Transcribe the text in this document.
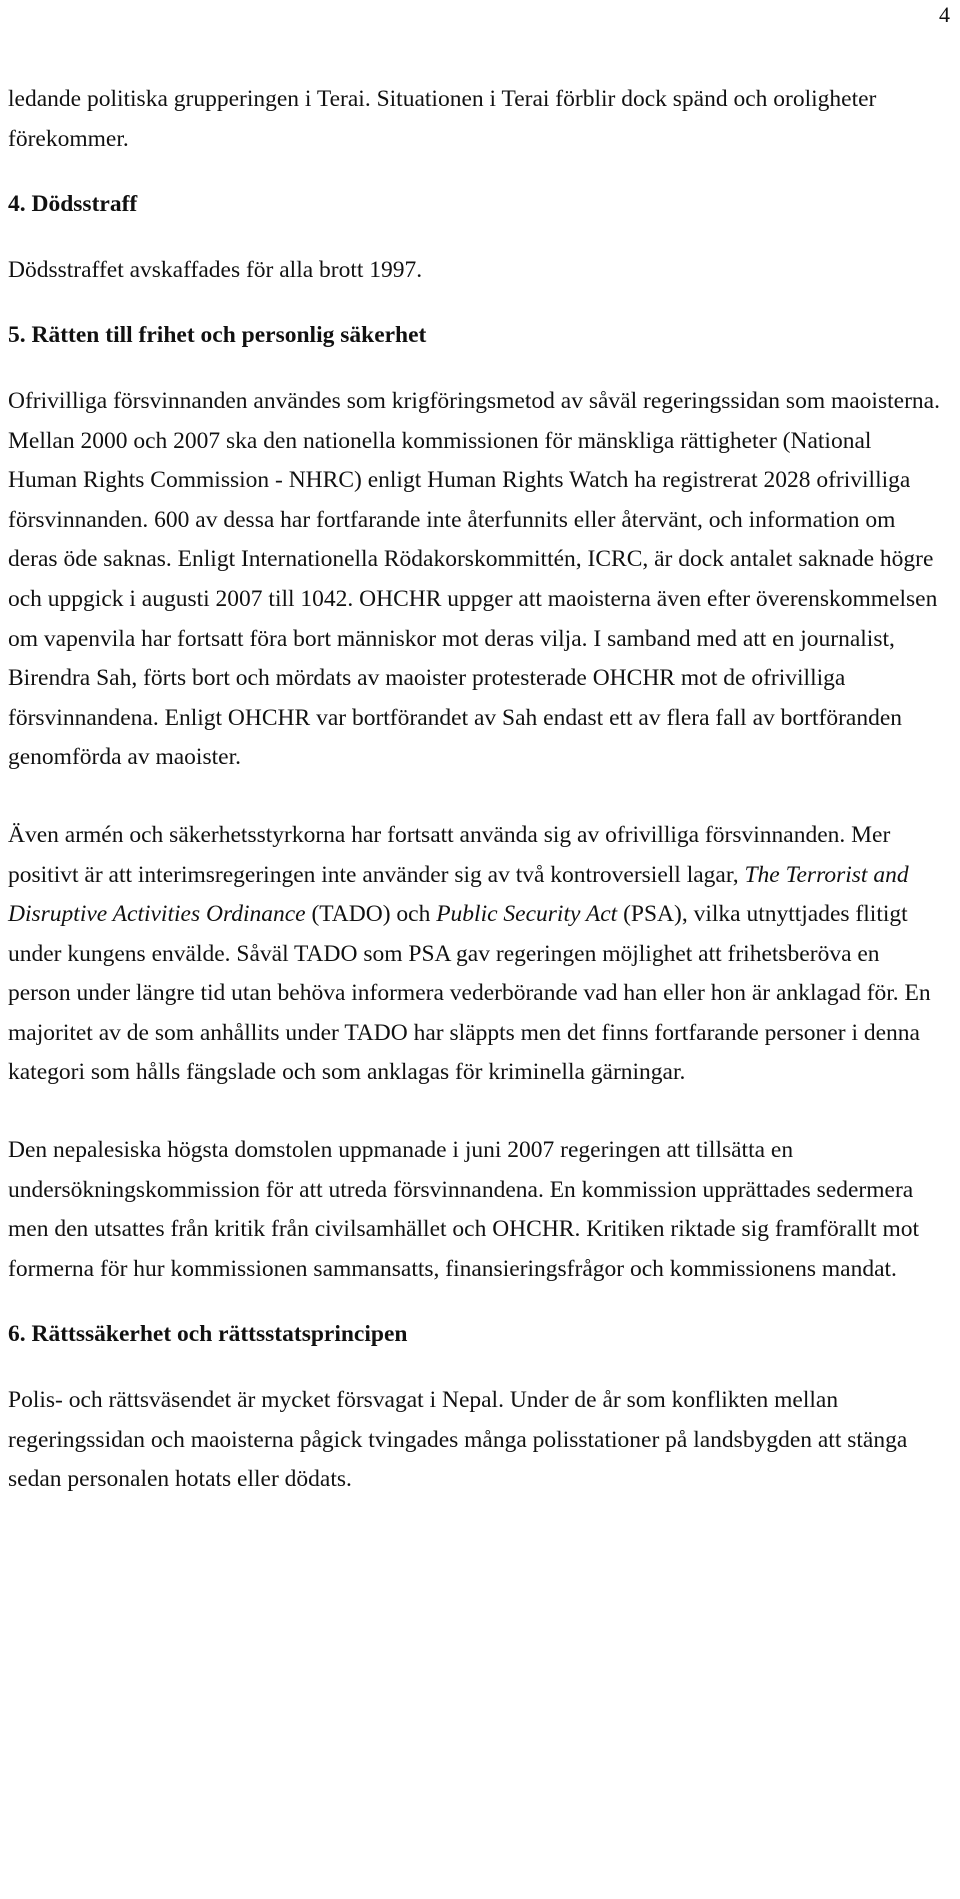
4

ledande politiska grupperingen i Terai. Situationen i Terai förblir dock spänd och oroligheter förekommer.

4. Dödsstraff

Dödsstraffet avskaffades för alla brott 1997.

5. Rätten till frihet och personlig säkerhet

Ofrivilliga försvinnanden användes som krigföringsmetod av såväl regeringssidan som maoisterna. Mellan 2000 och 2007 ska den nationella kommissionen för mänskliga rättigheter (National Human Rights Commission - NHRC) enligt Human Rights Watch ha registrerat 2028 ofrivilliga försvinnanden. 600 av dessa har fortfarande inte återfunnits eller återvänt, och information om deras öde saknas. Enligt Internationella Rödakorskommittén, ICRC, är dock antalet saknade högre och uppgick i augusti 2007 till 1042. OHCHR uppger att maoisterna även efter överenskommelsen om vapenvila har fortsatt föra bort människor mot deras vilja. I samband med att en journalist, Birendra Sah, förts bort och mördats av maoister protesterade OHCHR mot de ofrivilliga försvinnandena. Enligt OHCHR var bortförandet av Sah endast ett av flera fall av bortföranden genomförda av maoister.

Även armén och säkerhetsstyrkorna har fortsatt använda sig av ofrivilliga försvinnanden. Mer positivt är att interimsregeringen inte använder sig av två kontroversiell lagar, The Terrorist and Disruptive Activities Ordinance (TADO) och Public Security Act (PSA), vilka utnyttjades flitigt under kungens envälde. Såväl TADO som PSA gav regeringen möjlighet att frihetsberöva en person under längre tid utan behöva informera vederbörande vad han eller hon är anklagad för. En majoritet av de som anhållits under TADO har släppts men det finns fortfarande personer i denna kategori som hålls fängslade och som anklagas för kriminella gärningar.

Den nepalesiska högsta domstolen uppmanade i juni 2007 regeringen att tillsätta en undersökningskommission för att utreda försvinnandena. En kommission upprättades sedermera men den utsattes från kritik från civilsamhället och OHCHR. Kritiken riktade sig framförallt mot formerna för hur kommissionen sammansatts, finansieringsfrågor och kommissionens mandat.

6. Rättssäkerhet och rättsstatsprincipen

Polis- och rättsväsendet är mycket försvagat i Nepal. Under de år som konflikten mellan regeringssidan och maoisterna pågick tvingades många polisstationer på landsbygden att stänga sedan personalen hotats eller dödats.
